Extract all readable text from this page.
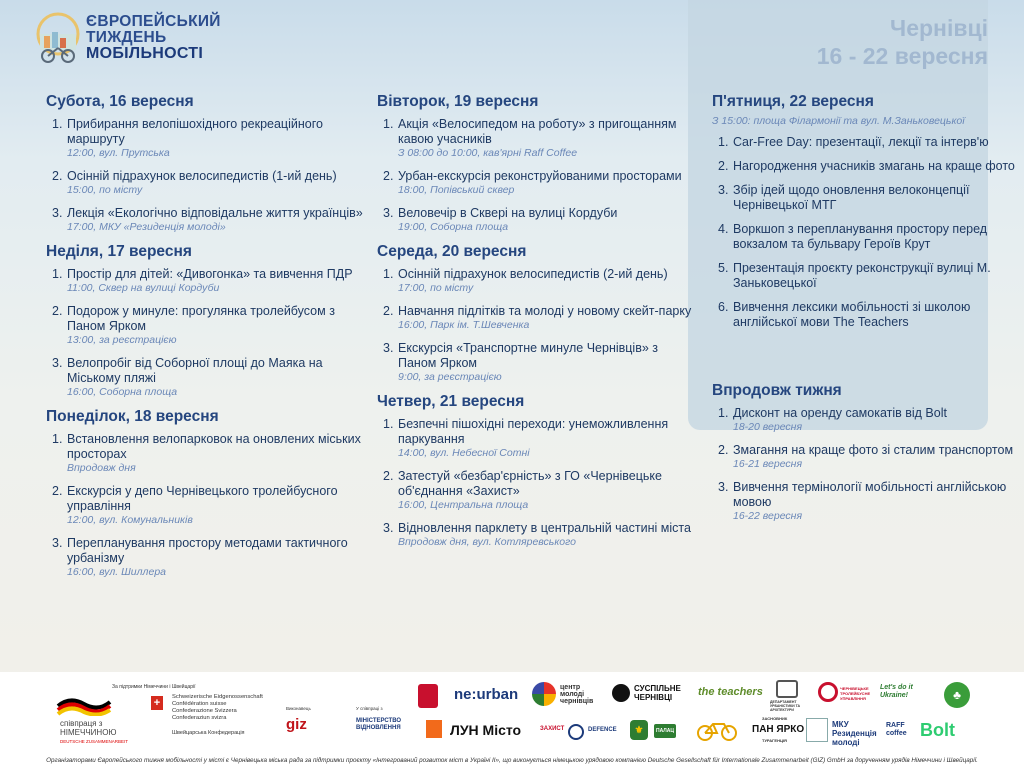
ЄВРОПЕЙСЬКИЙ
ТИЖДЕНЬ
МОБІЛЬНОСТІ
Субота, 16 вересня
1. Прибирання велопішохідного рекреаційного маршруту
12:00, вул. Прутська
2. Осінній підрахунок велосипедистів (1-ий день)
15:00, по місту
3. Лекція «Екологічно відповідальне життя українців»
17:00, МКУ «Резиденція молоді»
Неділя, 17 вересня
1. Простір для дітей: «Дивогонка» та вивчення ПДР
11:00, Сквер на вулиці Кордуби
2. Подорож у минуле: прогулянка тролейбусом з Паном Ярком
13:00, за реєстрацією
3. Велопробіг від Соборної площі до Маяка на Міському пляжі
16:00, Соборна площа
Понеділок, 18 вересня
1. Встановлення велопарковок на оновлених міських просторах
Впродовж дня
2. Екскурсія у депо Чернівецького тролейбусного управління
12:00, вул. Комунальників
3. Перепланування простору методами тактичного урбанізму
16:00, вул. Шиллера
Вівторок, 19 вересня
1. Акція «Велосипедом на роботу» з пригощанням кавою учасників
З 08:00 до 10:00, кав'ярні Raff Coffee
2. Урбан-екскурсія реконструйованими просторами
18:00, Попівський сквер
3. Веловечір в Сквері на вулиці Кордуби
19:00, Соборна площа
Середа, 20 вересня
1. Осінній підрахунок велосипедистів (2-ий день)
17:00, по місту
2. Навчання підлітків та молоді у новому скейт-парку
16:00, Парк ім. Т.Шевченка
3. Екскурсія «Транспортне минуле Чернівців» з Паном Ярком
9:00, за реєстрацією
Четвер, 21 вересня
1. Безпечні пішохідні переходи: унеможливлення паркування
14:00, вул. Небесної Сотні
2. Затестуй «безбар'єрність» з ГО «Чернівецьке об'єднання «Захист»
16:00, Центральна площа
3. Відновлення парклету в центральній частині міста
Впродовж дня, вул. Котляревського
П'ятниця, 22 вересня
З 15:00: площа Філармонії та вул. М.Заньковецької
1. Car-Free Day: презентації, лекції та інтерв'ю
2. Нагородження учасників змагань на краще фото
3. Збір ідей щодо оновлення велоконцепції Чернівецької МТГ
4. Воркшоп з перепланування простору перед вокзалом та бульвару Героїв Крут
5. Презентація проєкту реконструкції вулиці М. Заньковецької
6. Вивчення лексики мобільності зі школою англійської мови The Teachers
Впродовж тижня
1. Дисконт на оренду самокатів від Bolt
18-20 вересня
2. Змагання на краще фото зі сталим транспортом
16-21 вересня
3. Вивчення термінології мобільності англійською мовою
16-22 вересня
За підтримки Німеччини і Швейцарії
співпраця з НІМЕЧЧИНОЮ
DEUTSCHE ZUSAMMENARBEIT
+	Schweizerische Eidgenossenschaft Confédération suisse Confederazione Svizzera Confederaziun svizra
Швейцарська Конфедерація
Виконавець
giz
У співпраці з
МІНІСТЕРСТВО ВІДНОВЛЕННЯ
ne:urban	центр молоді чернівців
СУСПІЛЬНЕ ЧЕРНІВЦІ	the teachers
ДЕПАРТАМЕНТ УРБАНІСТИКИ ТА АРХІТЕКТУРИ
ЧЕРНІВЕЦЬКЕ ТРОЛЕЙБУСНЕ УПРАВЛІННЯ
Let's do it Ukraine!	♣
ЛУН Місто	ЗАХИСТ	DEFENCE	⚜	ПАЛАЦ
ЗАСНОВНИК
ПАН ЯРКО
ТУРАГЕНЦІЯ
МКУ Резиденція молоді
RAFF coffee Bolt
Організаторами Європейського тижня мобільності у місті є Чернівецька міська рада за підтримки проєкту «Інтегрований розвиток міст в Україні II», що виконується німецькою урядовою компанією Deutsche Gesellschaft für Internationale Zusammenarbeit (GIZ) GmbH за дорученням урядів Німеччини і Швейцарії.
